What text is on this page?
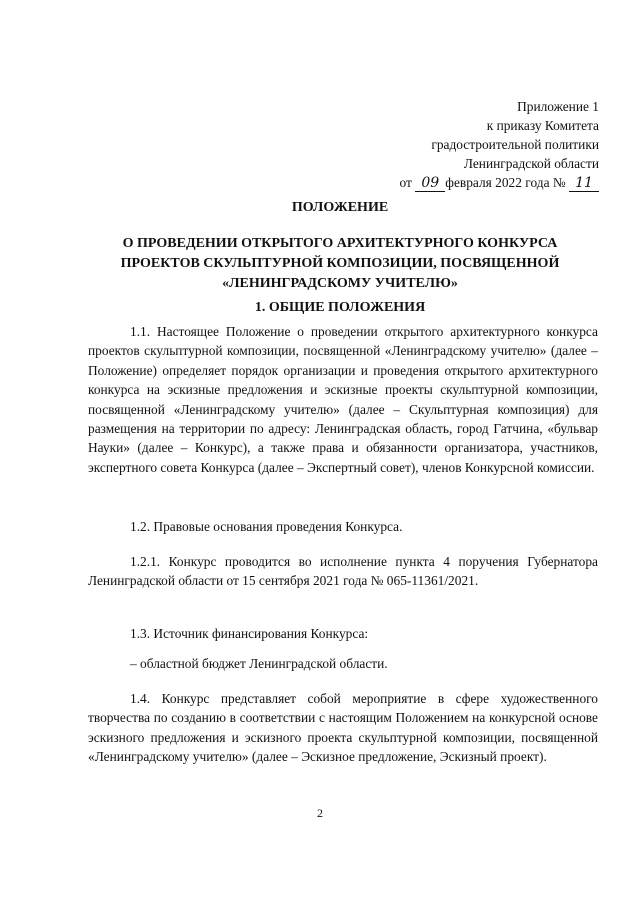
Приложение 1
к приказу Комитета
градостроительной политики
Ленинградской области
от 09 февраля 2022 года № 11
ПОЛОЖЕНИЕ
О ПРОВЕДЕНИИ ОТКРЫТОГО АРХИТЕКТУРНОГО КОНКУРСА
ПРОЕКТОВ СКУЛЬПТУРНОЙ КОМПОЗИЦИИ, ПОСВЯЩЕННОЙ
«ЛЕНИНГРАДСКОМУ УЧИТЕЛЮ»
1. ОБЩИЕ ПОЛОЖЕНИЯ
1.1. Настоящее Положение о проведении открытого архитектурного конкурса проектов скульптурной композиции, посвященной «Ленинградскому учителю» (далее – Положение) определяет порядок организации и проведения открытого архитектурного конкурса на эскизные предложения и эскизные проекты скульптурной композиции, посвященной «Ленинградскому учителю» (далее – Скульптурная композиция) для размещения на территории по адресу: Ленинградская область, город Гатчина, «бульвар Науки» (далее – Конкурс), а также права и обязанности организатора, участников, экспертного совета Конкурса (далее – Экспертный совет), членов Конкурсной комиссии.
1.2. Правовые основания проведения Конкурса.
1.2.1. Конкурс проводится во исполнение пункта 4 поручения Губернатора Ленинградской области от 15 сентября 2021 года № 065-11361/2021.
1.3. Источник финансирования Конкурса:
– областной бюджет Ленинградской области.
1.4. Конкурс представляет собой мероприятие в сфере художественного творчества по созданию в соответствии с настоящим Положением на конкурсной основе эскизного предложения и эскизного проекта скульптурной композиции, посвященной «Ленинградскому учителю» (далее – Эскизное предложение, Эскизный проект).
2
